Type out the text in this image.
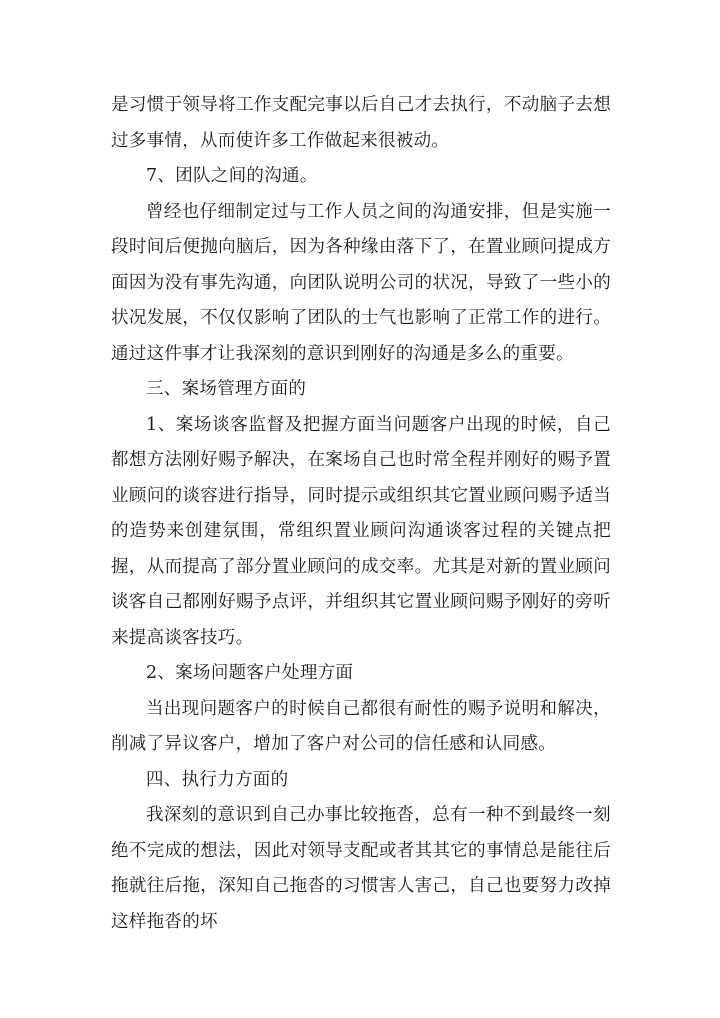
是习惯于领导将工作支配完事以后自己才去执行，不动脑子去想过多事情，从而使许多工作做起来很被动。

7、团队之间的沟通。

曾经也仔细制定过与工作人员之间的沟通安排，但是实施一段时间后便抛向脑后，因为各种缘由落下了，在置业顾问提成方面因为没有事先沟通，向团队说明公司的状况，导致了一些小的状况发展，不仅仅影响了团队的士气也影响了正常工作的进行。通过这件事才让我深刻的意识到刚好的沟通是多么的重要。

三、案场管理方面的

1、案场谈客监督及把握方面当问题客户出现的时候，自己都想方法刚好赐予解决，在案场自己也时常全程并刚好的赐予置业顾问的谈容进行指导，同时提示或组织其它置业顾问赐予适当的造势来创建氛围，常组织置业顾问沟通谈客过程的关键点把握，从而提高了部分置业顾问的成交率。尤其是对新的置业顾问谈客自己都刚好赐予点评，并组织其它置业顾问赐予刚好的旁听来提高谈客技巧。

2、案场问题客户处理方面

当出现问题客户的时候自己都很有耐性的赐予说明和解决，削减了异议客户，增加了客户对公司的信任感和认同感。

四、执行力方面的

我深刻的意识到自己办事比较拖沓，总有一种不到最终一刻绝不完成的想法，因此对领导支配或者其其它的事情总是能往后拖就往后拖，深知自己拖沓的习惯害人害己，自己也要努力改掉这样拖沓的坏
